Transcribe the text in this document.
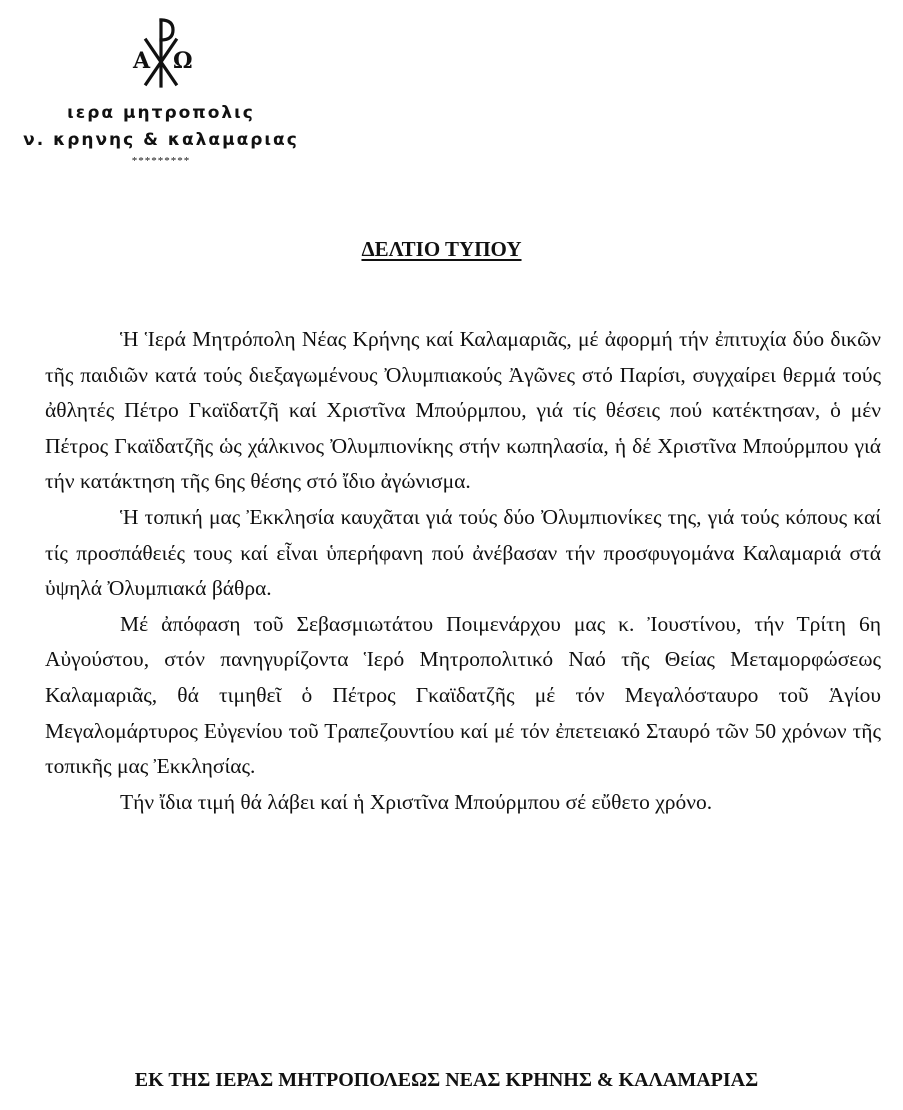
Α Ω
ιερα μητροπολις
ν. κρηνης & καλαμαριας
*********
ΔΕΛΤΙΟ ΤΥΠΟΥ

Ἡ Ἱερά Μητρόπολη Νέας Κρήνης καί Καλαμαριᾶς, μέ ἀφορμή τήν ἐπιτυχία δύο δικῶν τῆς παιδιῶν κατά τούς διεξαγωμένους Ὀλυμπιακούς Ἀγῶνες στό Παρίσι, συγχαίρει θερμά τούς ἀθλητές Πέτρο Γκαϊδατζῆ καί Χριστῖνα Μπούρμπου, γιά τίς θέσεις πού κατέκτησαν, ὁ μέν Πέτρος Γκαϊδατζῆς ὡς χάλκινος Ὀλυμπιονίκης στήν κωπηλασία, ἡ δέ Χριστῖνα Μπούρμπου γιά τήν κατάκτηση τῆς 6ης θέσης στό ἴδιο ἀγώνισμα.

Ἡ τοπική μας Ἐκκλησία καυχᾶται γιά τούς δύο Ὀλυμπιονίκες της, γιά τούς κόπους καί τίς προσπάθειές τους καί εἶναι ὑπερήφανη πού ἀνέβασαν τήν προσφυγομάνα Καλαμαριά στά ὑψηλά Ὀλυμπιακά βάθρα.

Μέ ἀπόφαση τοῦ Σεβασμιωτάτου Ποιμενάρχου μας κ. Ἰουστίνου, τήν Τρίτη 6η Αὐγούστου, στόν πανηγυρίζοντα Ἱερό Μητροπολιτικό Ναό τῆς Θείας Μεταμορφώσεως Καλαμαριᾶς, θά τιμηθεῖ ὁ Πέτρος Γκαϊδατζῆς μέ τόν Μεγαλόσταυρο τοῦ Ἁγίου Μεγαλομάρτυρος Εὐγενίου τοῦ Τραπεζουντίου καί μέ τόν ἐπετειακό Σταυρό τῶν 50 χρόνων τῆς τοπικῆς μας Ἐκκλησίας.

Τήν ἴδια τιμή θά λάβει καί ἡ Χριστῖνα Μπούρμπου σέ εὔθετο χρόνο.

ΕΚ ΤΗΣ ΙΕΡΑΣ ΜΗΤΡΟΠΟΛΕΩΣ ΝΕΑΣ ΚΡΗΝΗΣ & ΚΑΛΑΜΑΡΙΑΣ
